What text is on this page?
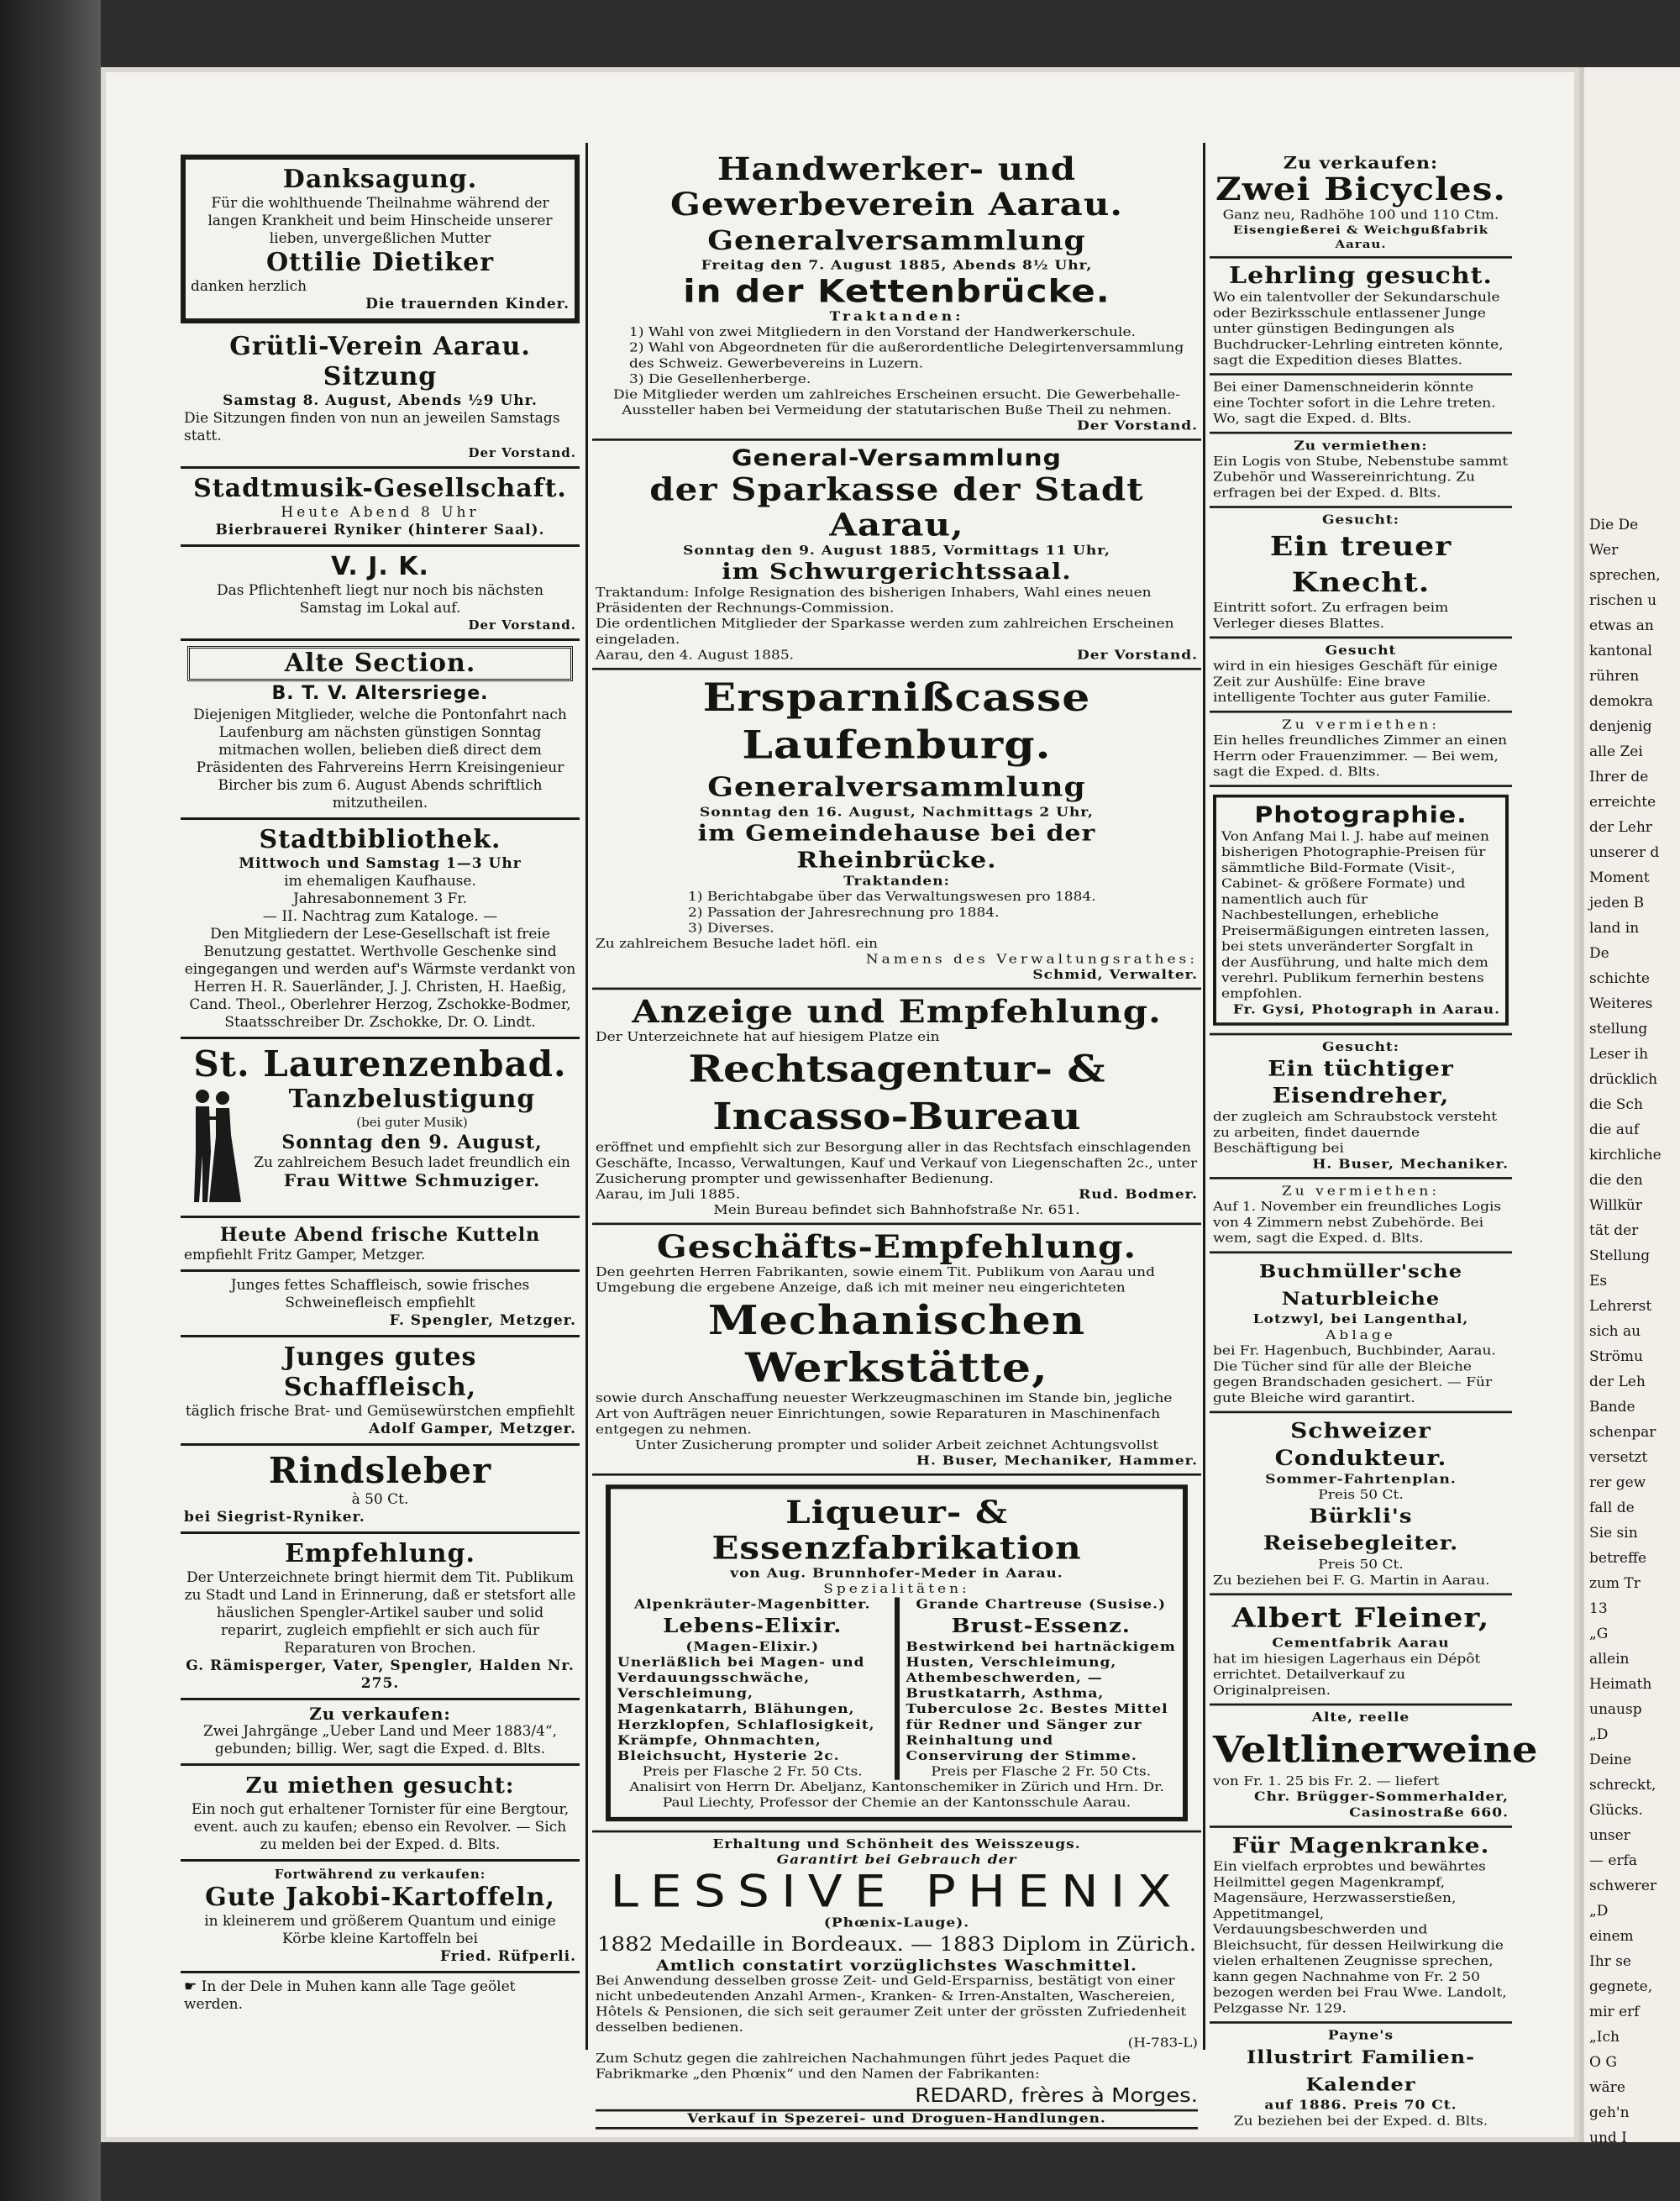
Danksagung.
Für die wohlthuende Theilnahme während der langen Krankheit und beim Hinscheide unserer lieben, unvergeßlichen Mutter
Ottilie Dietiker
danken herzlich
Die trauernden Kinder.
Grütli-Verein Aarau.
Sitzung
Samstag 8. August, Abends ½9 Uhr.
Die Sitzungen finden von nun an jeweilen Samstags statt.
Der Vorstand.
Stadtmusik-Gesellschaft.
Heute Abend 8 Uhr
Bierbrauerei Ryniker (hinterer Saal).
V. J. K.
Das Pflichtenheft liegt nur noch bis nächsten Samstag im Lokal auf.
Der Vorstand.
Alte Section.
B. T. V. Altersriege.
Diejenigen Mitglieder, welche die Pontonfahrt nach Laufenburg am nächsten günstigen Sonntag mitmachen wollen, belieben dieß direct dem Präsidenten des Fahrvereins Herrn Kreisingenieur Bircher bis zum 6. August Abends schriftlich mitzutheilen.
Stadtbibliothek.
Mittwoch und Samstag 1—3 Uhr
im ehemaligen Kaufhause.
Jahresabonnement 3 Fr.
— II. Nachtrag zum Kataloge. —
Den Mitgliedern der Lese-Gesellschaft ist freie Benutzung gestattet. Werthvolle Geschenke sind eingegangen und werden auf's Wärmste verdankt von Herren H. R. Sauerländer, J. J. Christen, H. Haeßig, Cand. Theol., Oberlehrer Herzog, Zschokke-Bodmer, Staatsschreiber Dr. Zschokke, Dr. O. Lindt.
St. Laurenzenbad.
Tanzbelustigung
(bei guter Musik)
Sonntag den 9. August,
Zu zahlreichem Besuch ladet freundlich ein
Frau Wittwe Schmuziger.
Heute Abend frische Kutteln
empfiehlt Fritz Gamper, Metzger.
Junges fettes Schaffleisch, sowie frisches Schweinefleisch empfiehlt
F. Spengler, Metzger.
Junges gutes Schaffleisch,
täglich frische Brat- und Gemüsewürstchen empfiehlt
Adolf Gamper, Metzger.
Rindsleber
à 50 Ct.
bei Siegrist-Ryniker.
Empfehlung.
Der Unterzeichnete bringt hiermit dem Tit. Publikum zu Stadt und Land in Erinnerung, daß er stetsfort alle häuslichen Spengler-Artikel sauber und solid reparirt, zugleich empfiehlt er sich auch für Reparaturen von Brochen.
G. Rämisperger, Vater, Spengler, Halden Nr. 275.
Zu verkaufen:
Zwei Jahrgänge „Ueber Land und Meer 1883/4“, gebunden; billig. Wer, sagt die Exped. d. Blts.
Zu miethen gesucht:
Ein noch gut erhaltener Tornister für eine Bergtour, event. auch zu kaufen; ebenso ein Revolver. — Sich zu melden bei der Exped. d. Blts.
Fortwährend zu verkaufen:
Gute Jakobi-Kartoffeln,
in kleinerem und größerem Quantum und einige Körbe kleine Kartoffeln bei
Fried. Rüfperli.
☛ In der Dele in Muhen kann alle Tage geölet werden.
Handwerker- und Gewerbeverein Aarau.
Generalversammlung
Freitag den 7. August 1885, Abends 8½ Uhr,
in der Kettenbrücke.
Traktanden:
1) Wahl von zwei Mitgliedern in den Vorstand der Handwerkerschule.
2) Wahl von Abgeordneten für die außerordentliche Delegirtenversammlung des Schweiz. Gewerbevereins in Luzern.
3) Die Gesellenherberge.
Die Mitglieder werden um zahlreiches Erscheinen ersucht. Die Gewerbehalle-Aussteller haben bei Vermeidung der statutarischen Buße Theil zu nehmen.
Der Vorstand.
General-Versammlung
der Sparkasse der Stadt Aarau,
Sonntag den 9. August 1885, Vormittags 11 Uhr,
im Schwurgerichtssaal.
Traktandum: Infolge Resignation des bisherigen Inhabers, Wahl eines neuen Präsidenten der Rechnungs-Commission.
Die ordentlichen Mitglieder der Sparkasse werden zum zahlreichen Erscheinen eingeladen.
Aarau, den 4. August 1885.	Der Vorstand.
Ersparnißcasse Laufenburg.
Generalversammlung
Sonntag den 16. August, Nachmittags 2 Uhr,
im Gemeindehause bei der Rheinbrücke.
Traktanden:
1) Berichtabgabe über das Verwaltungswesen pro 1884.
2) Passation der Jahresrechnung pro 1884.
3) Diverses.
Zu zahlreichem Besuche ladet höfl. ein
Namens des Verwaltungsrathes:
Schmid, Verwalter.
Anzeige und Empfehlung.
Der Unterzeichnete hat auf hiesigem Platze ein
Rechtsagentur- & Incasso-Bureau
eröffnet und empfiehlt sich zur Besorgung aller in das Rechtsfach einschlagenden Geschäfte, Incasso, Verwaltungen, Kauf und Verkauf von Liegenschaften 2c., unter Zusicherung prompter und gewissenhafter Bedienung.
Aarau, im Juli 1885.	Rud. Bodmer.
Mein Bureau befindet sich Bahnhofstraße Nr. 651.
Geschäfts-Empfehlung.
Den geehrten Herren Fabrikanten, sowie einem Tit. Publikum von Aarau und Umgebung die ergebene Anzeige, daß ich mit meiner neu eingerichteten
Mechanischen Werkstätte,
sowie durch Anschaffung neuester Werkzeugmaschinen im Stande bin, jegliche Art von Aufträgen neuer Einrichtungen, sowie Reparaturen in Maschinenfach entgegen zu nehmen.
Unter Zusicherung prompter und solider Arbeit zeichnet Achtungsvollst
H. Buser, Mechaniker, Hammer.
Liqueur- & Essenzfabrikation
von Aug. Brunnhofer-Meder in Aarau.
Spezialitäten:
Alpenkräuter-Magenbitter.
Lebens-Elixir.
(Magen-Elixir.)
Unerläßlich bei Magen- und Verdauungsschwäche, Verschleimung, Magenkatarrh, Blähungen, Herzklopfen, Schlaflosigkeit, Krämpfe, Ohnmachten, Bleichsucht, Hysterie 2c.
Preis per Flasche 2 Fr. 50 Cts.
Grande Chartreuse (Susise.)
Brust-Essenz.
Bestwirkend bei hartnäckigem Husten, Verschleimung, Athembeschwerden, — Brustkatarrh, Asthma, Tuberculose 2c. Bestes Mittel für Redner und Sänger zur Reinhaltung und Conservirung der Stimme.
Preis per Flasche 2 Fr. 50 Cts.
Analisirt von Herrn Dr. Abeljanz, Kantonschemiker in Zürich und Hrn. Dr. Paul Liechty, Professor der Chemie an der Kantonsschule Aarau.
Erhaltung und Schönheit des Weisszeugs.
Garantirt bei Gebrauch der
LESSIVE PHENIX
(Phœnix-Lauge).
1882 Medaille in Bordeaux. — 1883 Diplom in Zürich.
Amtlich constatirt vorzüglichstes Waschmittel.
Bei Anwendung desselben grosse Zeit- und Geld-Ersparniss, bestätigt von einer nicht unbedeutenden Anzahl Armen-, Kranken- & Irren-Anstalten, Waschereien, Hôtels & Pensionen, die sich seit geraumer Zeit unter der grössten Zufriedenheit desselben bedienen.
(H-783-L)
Zum Schutz gegen die zahlreichen Nachahmungen führt jedes Paquet die Fabrikmarke „den Phœnix“ und den Namen der Fabrikanten:
REDARD, frères à Morges.
Verkauf in Spezerei- und Droguen-Handlungen.
Zu verkaufen:
Zwei Bicycles.
Ganz neu, Radhöhe 100 und 110 Ctm.
Eisengießerei & Weichgußfabrik Aarau.
Lehrling gesucht.
Wo ein talentvoller der Sekundarschule oder Bezirksschule entlassener Junge unter günstigen Bedingungen als Buchdrucker-Lehrling eintreten könnte, sagt die Expedition dieses Blattes.
Bei einer Damenschneiderin könnte eine Tochter sofort in die Lehre treten. Wo, sagt die Exped. d. Blts.
Zu vermiethen:
Ein Logis von Stube, Nebenstube sammt Zubehör und Wassereinrichtung. Zu erfragen bei der Exped. d. Blts.
Gesucht:
Ein treuer Knecht.
Eintritt sofort. Zu erfragen beim Verleger dieses Blattes.
Gesucht
wird in ein hiesiges Geschäft für einige Zeit zur Aushülfe: Eine brave intelligente Tochter aus guter Familie.
Zu vermiethen:
Ein helles freundliches Zimmer an einen Herrn oder Frauenzimmer. — Bei wem, sagt die Exped. d. Blts.
Photographie.
Von Anfang Mai l. J. habe auf meinen bisherigen Photographie-Preisen für sämmtliche Bild-Formate (Visit-, Cabinet- & größere Formate) und namentlich auch für Nachbestellungen, erhebliche Preisermäßigungen eintreten lassen, bei stets unveränderter Sorgfalt in der Ausführung, und halte mich dem verehrl. Publikum fernerhin bestens empfohlen.
Fr. Gysi, Photograph in Aarau.
Gesucht:
Ein tüchtiger Eisendreher,
der zugleich am Schraubstock versteht zu arbeiten, findet dauernde Beschäftigung bei
H. Buser, Mechaniker.
Zu vermiethen:
Auf 1. November ein freundliches Logis von 4 Zimmern nebst Zubehörde. Bei wem, sagt die Exped. d. Blts.
Buchmüller'sche Naturbleiche
Lotzwyl, bei Langenthal,
Ablage
bei Fr. Hagenbuch, Buchbinder, Aarau. Die Tücher sind für alle der Bleiche gegen Brandschaden gesichert. — Für gute Bleiche wird garantirt.
Schweizer Condukteur.
Sommer-Fahrtenplan.
Preis 50 Ct.
Bürkli's Reisebegleiter.
Preis 50 Ct.
Zu beziehen bei F. G. Martin in Aarau.
Albert Fleiner,
Cementfabrik Aarau
hat im hiesigen Lagerhaus ein Dépôt errichtet. Detailverkauf zu Originalpreisen.
Alte, reelle
Veltlinerweine
von Fr. 1. 25 bis Fr. 2. — liefert
Chr. Brügger-Sommerhalder, Casinostraße 660.
Für Magenkranke.
Ein vielfach erprobtes und bewährtes Heilmittel gegen Magenkrampf, Magensäure, Herzwasserstießen, Appetitmangel, Verdauungsbeschwerden und Bleichsucht, für dessen Heilwirkung die vielen erhaltenen Zeugnisse sprechen, kann gegen Nachnahme von Fr. 2 50 bezogen werden bei Frau Wwe. Landolt, Pelzgasse Nr. 129.
Payne's
Illustrirt Familien-Kalender
auf 1886. Preis 70 Ct.
Zu beziehen bei der Exped. d. Blts.
Die De
Wer
sprechen,
rischen u
etwas an
kantonal
rühren
demokra
denjenig
alle Zei
Ihrer de
erreichte
der Lehr
unserer d
Moment
jeden B
land in
De
schichte
Weiteres
stellung
Leser ih
drücklich
die Sch
die auf
kirchliche
die den
Willkür
tät der
Stellung
Es
Lehrerst
sich au
Strömu
der Leh
Bande
schenpar
versetzt
rer gew
fall de
Sie sin
betreffe
zum Tr
13
„G
allein
Heimath
unausp
„D
Deine
schreckt,
Glücks.
unser
— erfa
schwerer
„D
einem
Ihr se
gegnete,
mir erf
„Ich
O G
wäre
geh'n
und I
